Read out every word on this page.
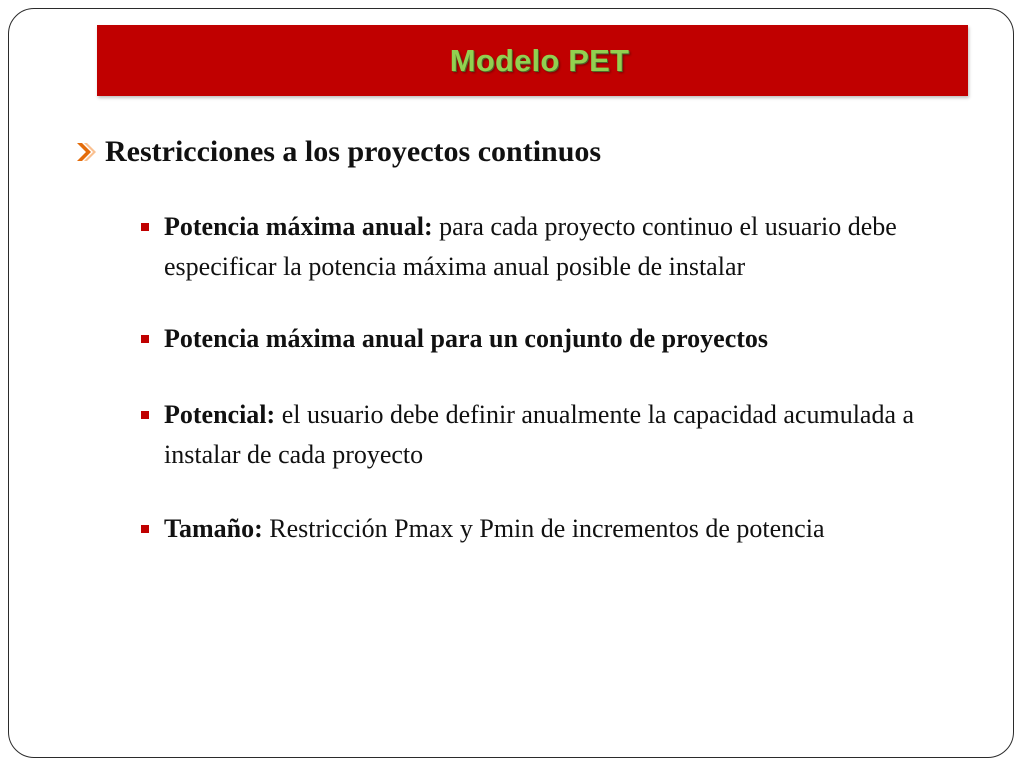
Modelo PET
Restricciones a los proyectos continuos
Potencia máxima anual: para cada proyecto continuo el usuario debe especificar la potencia máxima anual posible de instalar
Potencia máxima anual para un conjunto de proyectos
Potencial: el usuario debe definir anualmente la capacidad acumulada a instalar de cada proyecto
Tamaño: Restricción Pmax y Pmin de incrementos de potencia
